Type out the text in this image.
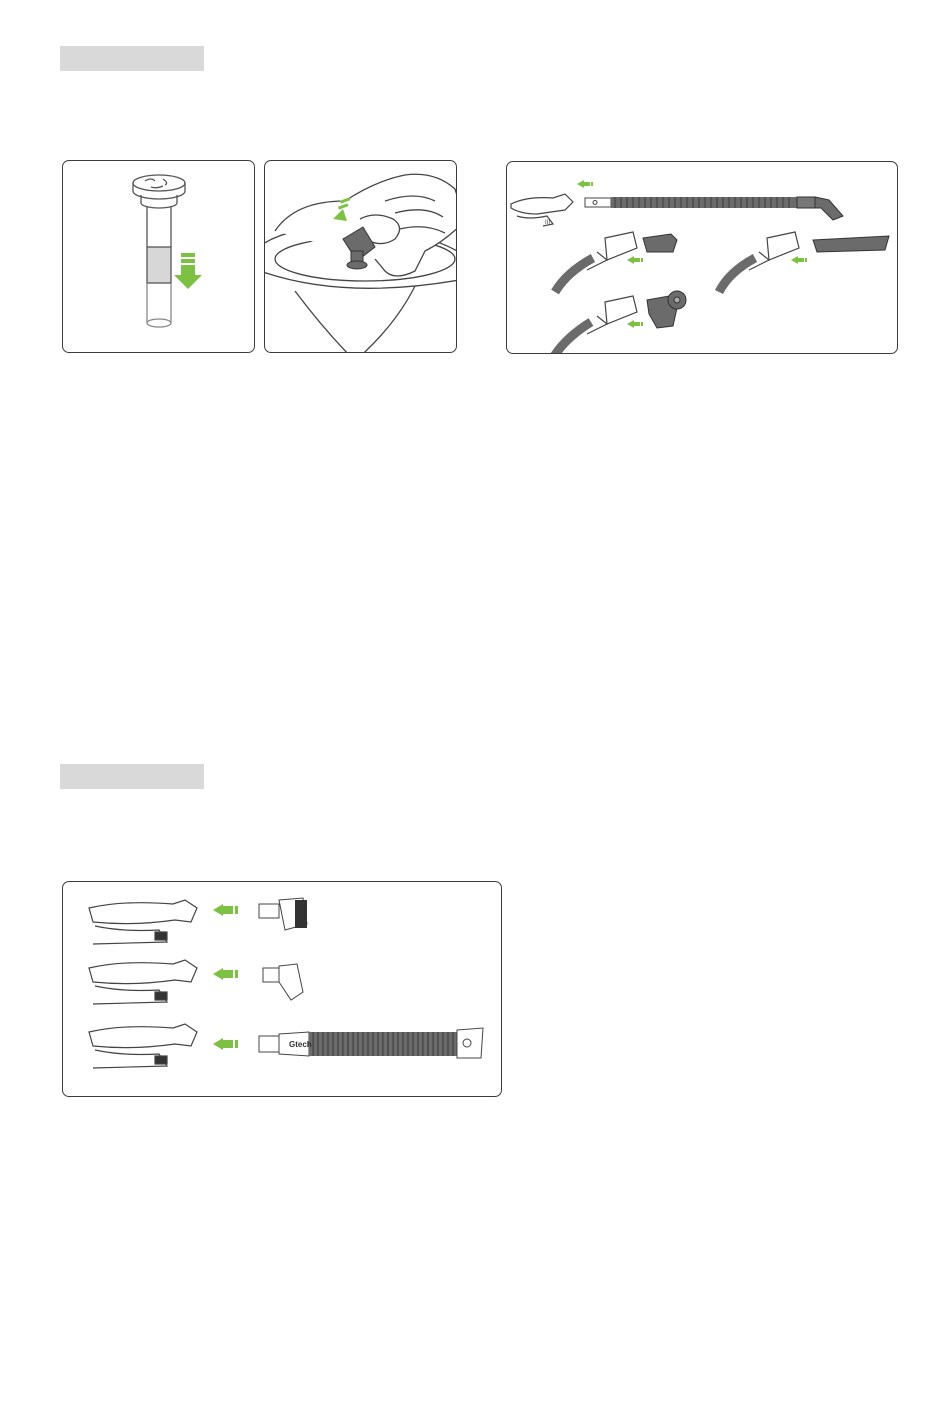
III
Gtech
